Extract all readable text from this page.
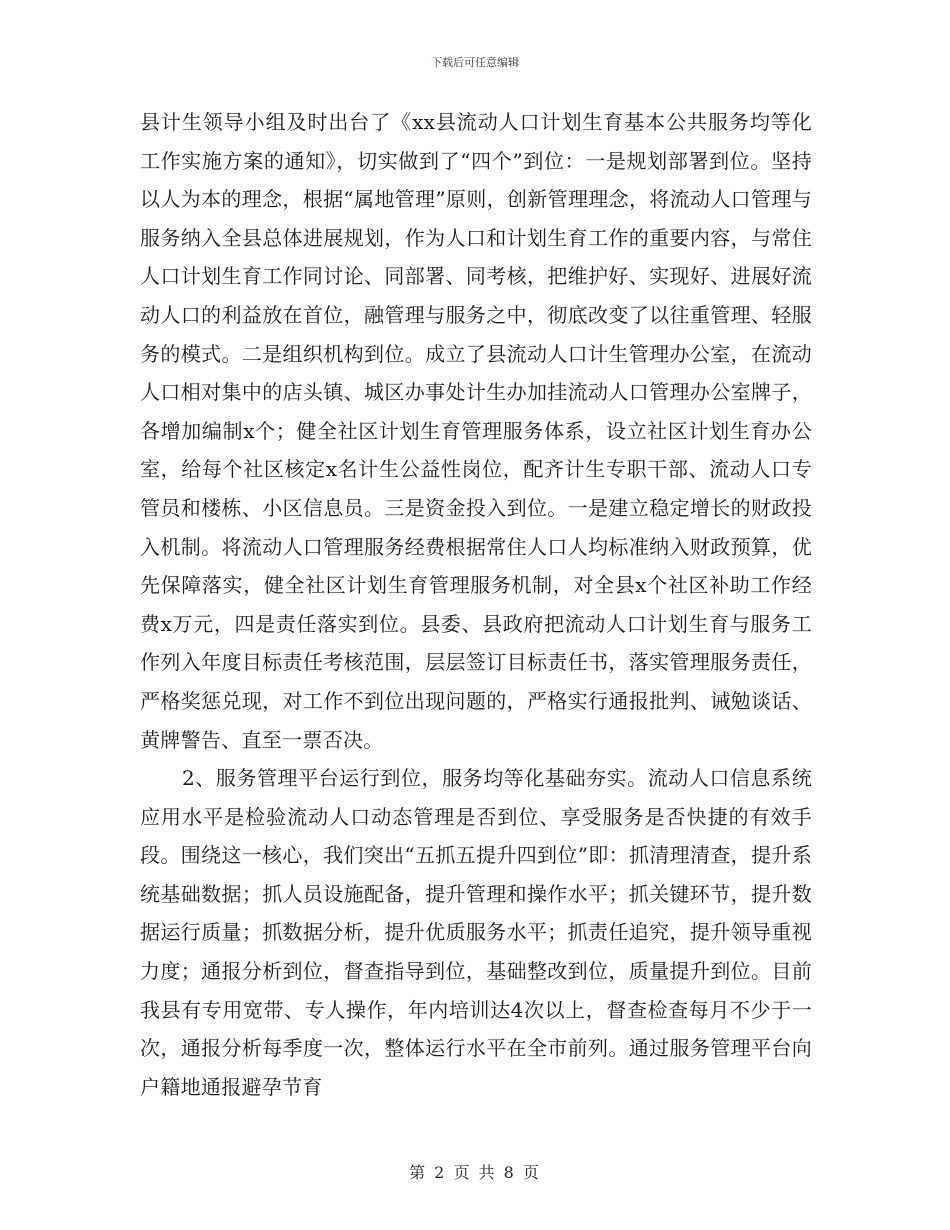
下载后可任意编辑

县计生领导小组及时出台了《xx县流动人口计划生育基本公共服务均等化工作实施方案的通知》，切实做到了“四个”到位：一是规划部署到位。坚持以人为本的理念，根据“属地管理”原则，创新管理理念，将流动人口管理与服务纳入全县总体进展规划，作为人口和计划生育工作的重要内容，与常住人口计划生育工作同讨论、同部署、同考核，把维护好、实现好、进展好流动人口的利益放在首位，融管理与服务之中，彻底改变了以往重管理、轻服务的模式。二是组织机构到位。成立了县流动人口计生管理办公室，在流动人口相对集中的店头镇、城区办事处计生办加挂流动人口管理办公室牌子，各增加编制x个；健全社区计划生育管理服务体系，设立社区计划生育办公室，给每个社区核定x名计生公益性岗位，配齐计生专职干部、流动人口专管员和楼栋、小区信息员。三是资金投入到位。一是建立稳定增长的财政投入机制。将流动人口管理服务经费根据常住人口人均标准纳入财政预算，优先保障落实，健全社区计划生育管理服务机制，对全县x个社区补助工作经费x万元，四是责任落实到位。县委、县政府把流动人口计划生育与服务工作列入年度目标责任考核范围，层层签订目标责任书，落实管理服务责任，严格奖惩兑现，对工作不到位出现问题的，严格实行通报批判、诫勉谈话、黄牌警告、直至一票否决。

2、服务管理平台运行到位，服务均等化基础夯实。流动人口信息系统应用水平是检验流动人口动态管理是否到位、享受服务是否快捷的有效手段。围绕这一核心，我们突出“五抓五提升四到位”即：抓清理清查，提升系统基础数据；抓人员设施配备，提升管理和操作水平；抓关键环节，提升数据运行质量；抓数据分析，提升优质服务水平；抓责任追究，提升领导重视力度；通报分析到位，督查指导到位，基础整改到位，质量提升到位。目前我县有专用宽带、专人操作，年内培训达4次以上，督查检查每月不少于一次，通报分析每季度一次，整体运行水平在全市前列。通过服务管理平台向户籍地通报避孕节育

第 2 页 共 8 页
